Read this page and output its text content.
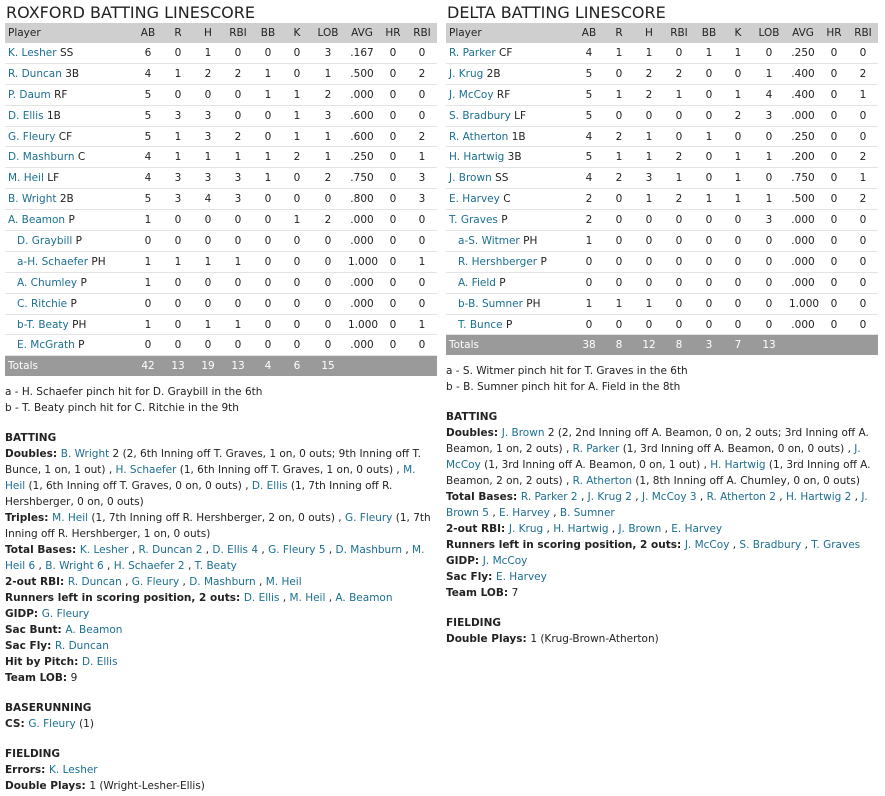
ROXFORD BATTING LINESCORE
Player	AB	R	H	RBI	BB	K	LOB	AVG	HR	RBI
K. Lesher SS	6	0	1	0	0	0	3	.167	0	0
R. Duncan 3B	4	1	2	2	1	0	1	.500	0	2
P. Daum RF	5	0	0	0	1	1	2	.000	0	0
D. Ellis 1B	5	3	3	0	0	1	3	.600	0	0
G. Fleury CF	5	1	3	2	0	1	1	.600	0	2
D. Mashburn C	4	1	1	1	1	2	1	.250	0	1
M. Heil LF	4	3	3	3	1	0	2	.750	0	3
B. Wright 2B	5	3	4	3	0	0	0	.800	0	3
A. Beamon P	1	0	0	0	0	1	2	.000	0	0
D. Graybill P	0	0	0	0	0	0	0	.000	0	0
a-H. Schaefer PH	1	1	1	1	0	0	0	1.000	0	1
A. Chumley P	1	0	0	0	0	0	0	.000	0	0
C. Ritchie P	0	0	0	0	0	0	0	.000	0	0
b-T. Beaty PH	1	0	1	1	0	0	0	1.000	0	1
E. McGrath P	0	0	0	0	0	0	0	.000	0	0
Totals	42	13	19	13	4	6	15			
a - H. Schaefer pinch hit for D. Graybill in the 6th
b - T. Beaty pinch hit for C. Ritchie in the 9th
BATTING
Doubles: B. Wright 2 (2, 6th Inning off T. Graves, 1 on, 0 outs; 9th Inning off T. Bunce, 1 on, 1 out) , H. Schaefer (1, 6th Inning off T. Graves, 1 on, 0 outs) , M. Heil (1, 6th Inning off T. Graves, 0 on, 0 outs) , D. Ellis (1, 7th Inning off R. Hershberger, 0 on, 0 outs)
Triples: M. Heil (1, 7th Inning off R. Hershberger, 2 on, 0 outs) , G. Fleury (1, 7th Inning off R. Hershberger, 1 on, 0 outs)
Total Bases: K. Lesher , R. Duncan 2 , D. Ellis 4 , G. Fleury 5 , D. Mashburn , M. Heil 6 , B. Wright 6 , H. Schaefer 2 , T. Beaty
2-out RBI: R. Duncan , G. Fleury , D. Mashburn , M. Heil
Runners left in scoring position, 2 outs: D. Ellis , M. Heil , A. Beamon
GIDP: G. Fleury
Sac Bunt: A. Beamon
Sac Fly: R. Duncan
Hit by Pitch: D. Ellis
Team LOB: 9
BASERUNNING
CS: G. Fleury (1)
FIELDING
Errors: K. Lesher
Double Plays: 1 (Wright-Lesher-Ellis)
DELTA BATTING LINESCORE
Player	AB	R	H	RBI	BB	K	LOB	AVG	HR	RBI
R. Parker CF	4	1	1	0	1	1	0	.250	0	0
J. Krug 2B	5	0	2	2	0	0	1	.400	0	2
J. McCoy RF	5	1	2	1	0	1	4	.400	0	1
S. Bradbury LF	5	0	0	0	0	2	3	.000	0	0
R. Atherton 1B	4	2	1	0	1	0	0	.250	0	0
H. Hartwig 3B	5	1	1	2	0	1	1	.200	0	2
J. Brown SS	4	2	3	1	0	1	0	.750	0	1
E. Harvey C	2	0	1	2	1	1	1	.500	0	2
T. Graves P	2	0	0	0	0	0	3	.000	0	0
a-S. Witmer PH	1	0	0	0	0	0	0	.000	0	0
R. Hershberger P	0	0	0	0	0	0	0	.000	0	0
A. Field P	0	0	0	0	0	0	0	.000	0	0
b-B. Sumner PH	1	1	1	0	0	0	0	1.000	0	0
T. Bunce P	0	0	0	0	0	0	0	.000	0	0
Totals	38	8	12	8	3	7	13			
a - S. Witmer pinch hit for T. Graves in the 6th
b - B. Sumner pinch hit for A. Field in the 8th
BATTING
Doubles: J. Brown 2 (2, 2nd Inning off A. Beamon, 0 on, 2 outs; 3rd Inning off A. Beamon, 1 on, 2 outs) , R. Parker (1, 3rd Inning off A. Beamon, 0 on, 0 outs) , J. McCoy (1, 3rd Inning off A. Beamon, 0 on, 1 out) , H. Hartwig (1, 3rd Inning off A. Beamon, 2 on, 2 outs) , R. Atherton (1, 8th Inning off A. Chumley, 0 on, 0 outs)
Total Bases: R. Parker 2 , J. Krug 2 , J. McCoy 3 , R. Atherton 2 , H. Hartwig 2 , J. Brown 5 , E. Harvey , B. Sumner
2-out RBI: J. Krug , H. Hartwig , J. Brown , E. Harvey
Runners left in scoring position, 2 outs: J. McCoy , S. Bradbury , T. Graves
GIDP: J. McCoy
Sac Fly: E. Harvey
Team LOB: 7
FIELDING
Double Plays: 1 (Krug-Brown-Atherton)
